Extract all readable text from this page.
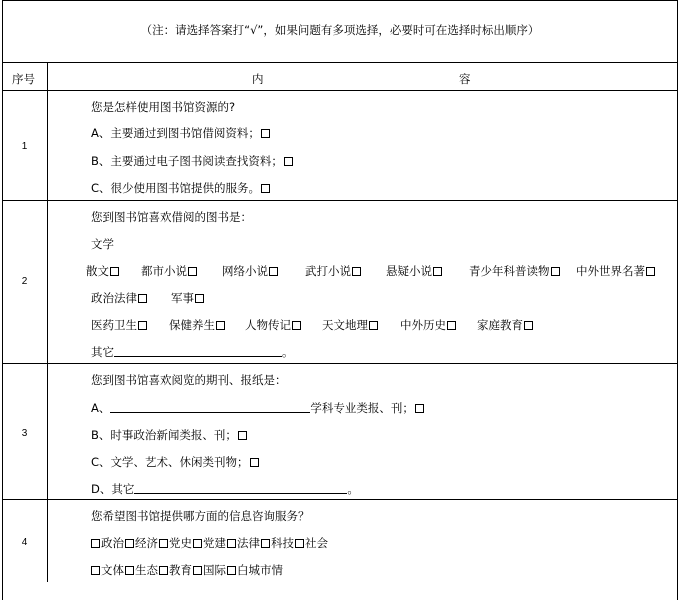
（注：请选择答案打“√”，如果问题有多项选择，必要时可在选择时标出顺序）
序号	内	容
1
您是怎样使用图书馆资源的?
A、主要通过到图书馆借阅资料；
B、主要通过电子图书阅读查找资料；
C、很少使用图书馆提供的服务。
2
您到图书馆喜欢借阅的图书是：
文学
散文	都市小说	网络小说	武打小说	悬疑小说	青少年科普读物	中外世界名著
政治法律	军事
医药卫生	保健养生	人物传记	天文地理	中外历史	家庭教育
其它	。
3
您到图书馆喜欢阅览的期刊、报纸是：
A、	学科专业类报、刊；
B、时事政治新闻类报、刊；
C、文学、艺术、休闲类刊物；
D、其它	。
4
您希望图书馆提供哪方面的信息咨询服务？
政治 经济 党史 党建 法律 科技 社会
文体 生态 教育 国际 白城市情
